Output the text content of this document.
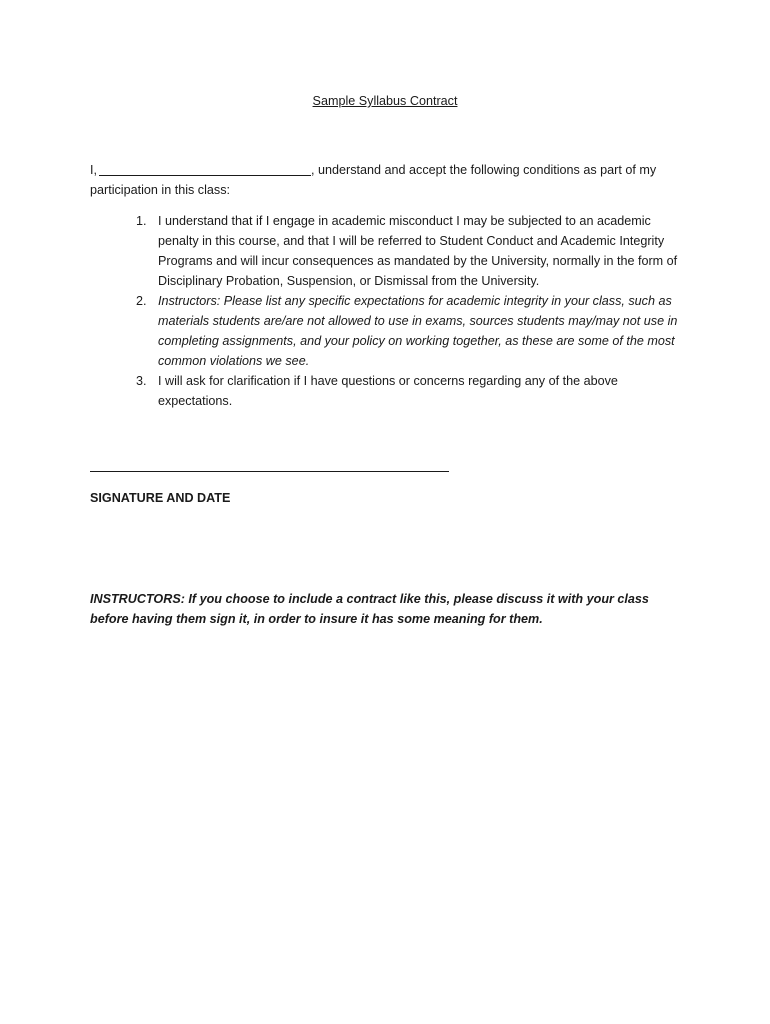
Sample Syllabus Contract
I,	, understand and accept the following conditions as part of my participation in this class:
1. I understand that if I engage in academic misconduct I may be subjected to an academic penalty in this course, and that I will be referred to Student Conduct and Academic Integrity Programs and will incur consequences as mandated by the University, normally in the form of Disciplinary Probation, Suspension, or Dismissal from the University.
2. Instructors: Please list any specific expectations for academic integrity in your class, such as materials students are/are not allowed to use in exams, sources students may/may not use in completing assignments, and your policy on working together, as these are some of the most common violations we see.
3. I will ask for clarification if I have questions or concerns regarding any of the above expectations.
SIGNATURE AND DATE
INSTRUCTORS: If you choose to include a contract like this, please discuss it with your class before having them sign it, in order to insure it has some meaning for them.
